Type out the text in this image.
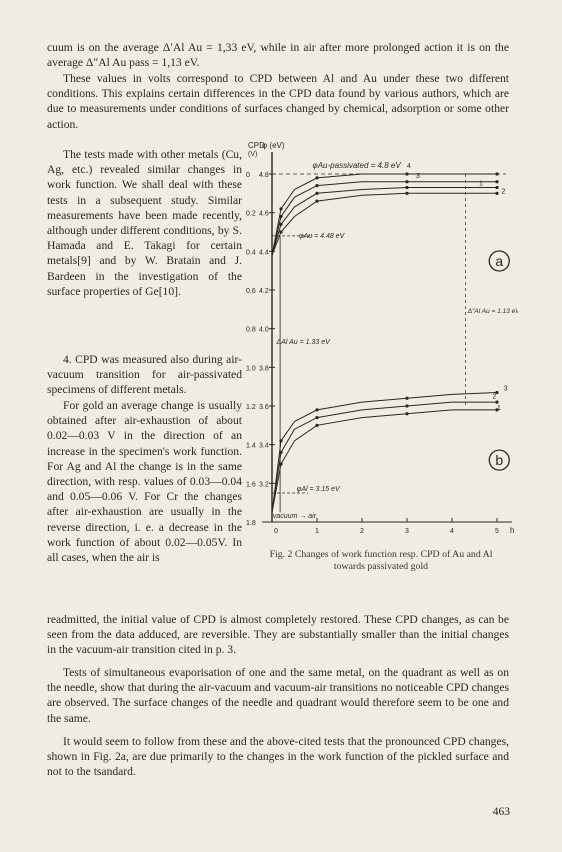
cuum is on the average Δ′Al Au = 1,33 eV, while in air after more prolonged action it is on the average Δ″Al Au pass = 1,13 eV.

These values in volts correspond to CPD between Al and Au under these two different conditions. This explains certain differences in the CPD data found by various authors, which are due to measurements under conditions of surfaces changed by chemical, adsorption or some other action.

The tests made with other metals (Cu, Ag, etc.) revealed similar changes in work function. We shall deal with these tests in a subsequent study. Similar measurements have been made recently, although under different conditions, by S. Hamada and E. Takagi for certain metals[9] and by W. Bratain and J. Bardeen in the investigation of the surface properties of Ge[10].

4. CPD was measured also during air-vacuum transition for air-passivated specimens of different metals.

For gold an average change is usually obtained after air-exhaustion of about 0.02—0.03 V in the direction of an increase in the specimen's work function. For Ag and Al the change is in the same direction, with resp. values of 0.03—0.04 and 0.05—0.06 V. For Cr the changes after air-exhaustion are usually in the reverse direction, i. e. a decrease in the work function of about 0.02—0.05V. In all cases, when the air is

readmitted, the initial value of CPD is almost completely restored. These CPD changes, as can be seen from the data adduced, are reversible. They are substantially smaller than the initial changes in the vacuum-air transition cited in p. 3.

Tests of simultaneous evaporisation of one and the same metal, on the quadrant as well as on the needle, show that during the air-vacuum and vacuum-air transitions no noticeable CPD changes are observed. The surface changes of the needle and quadrant would therefore seem to be one and the same.

It would seem to follow from these and the above-cited tests that the pronounced CPD changes, shown in Fig. 2a, are due primarily to the changes in the work function of the pickled surface and not to the tsandard.

CPD
(V)
φ (eV)
0
0.2
0.4
0.6
0.8
1.0
1.2
1.4
1.6
1.8
4.8
4.6
4.4
4.2
4.0
3.8
3.6
3.4
3.2
0	1	2	3	4	5 h
4
3
1
2
3
2
1
φAu-passivated = 4.8 eV
φAu = 4.48 eV
φAl = 3.15 eV
ΔAl Au = 1.33 eV
Δ″Al Au = 1.13 eV
vacuum → air
a
b

Fig. 2 Changes of work function resp. CPD of Au and Al towards passivated gold

463
